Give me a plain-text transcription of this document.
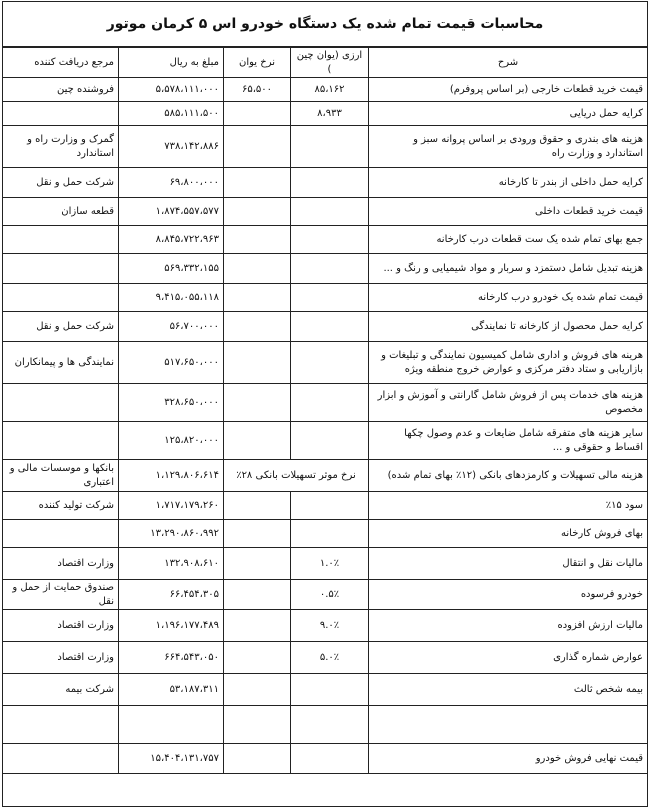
محاسبات قیمت تمام شده یک دستگاه خودرو اس ۵ کرمان موتور
شرح	ارزی (یوان چین )	نرخ یوان	مبلغ به ریال	مرجع دریافت کننده
قیمت خرید قطعات خارجی (بر اساس پروفرم)	۸۵،۱۶۲	۶۵،۵۰۰	۵،۵۷۸،۱۱۱،۰۰۰	فروشنده چین
کرایه حمل دریایی	۸،۹۳۳		۵۸۵،۱۱۱،۵۰۰	
هزینه های بندری و حقوق ورودی بر اساس پروانه سبز و استاندارد و وزارت راه			۷۳۸،۱۴۲،۸۸۶	گمرک و وزارت راه و استاندارد
کرایه حمل داخلی از بندر تا کارخانه			۶۹،۸۰۰،۰۰۰	شرکت حمل و نقل
قیمت خرید قطعات داخلی			۱،۸۷۴،۵۵۷،۵۷۷	قطعه سازان
جمع بهای تمام شده یک ست قطعات درب کارخانه			۸،۸۴۵،۷۲۲،۹۶۳	
هزینه تبدیل شامل دستمزد و سربار و مواد شیمیایی و رنگ و ...			۵۶۹،۳۳۲،۱۵۵	
قیمت تمام شده یک خودرو درب کارخانه			۹،۴۱۵،۰۵۵،۱۱۸	
کرایه حمل محصول از کارخانه تا نمایندگی			۵۶،۷۰۰،۰۰۰	شرکت حمل و نقل
هرینه های فروش و اداری شامل کمیسیون نمایندگی و تبلیغات و بازاریابی و ستاد دفتر مرکزی و عوارض خروج منطقه ویژه			۵۱۷،۶۵۰،۰۰۰	نمایندگی ها و پیمانکاران
هزینه های خدمات پس از فروش شامل گارانتی و آموزش و ابزار مخصوص			۳۲۸،۶۵۰،۰۰۰	
سایر هزینه های متفرقه شامل ضایعات و عدم وصول چکها اقساط و حقوقی و ...			۱۲۵،۸۲۰،۰۰۰	
هزینه مالی تسهیلات و کارمزدهای بانکی (۱۲٪ بهای تمام شده)	نرخ موثر تسهیلات بانکی ۲۸٪		۱،۱۲۹،۸۰۶،۶۱۴	بانکها و موسسات مالی و اعتباری
سود ۱۵٪			۱،۷۱۷،۱۷۹،۲۶۰	شرکت تولید کننده
بهای فروش کارخانه			۱۳،۲۹۰،۸۶۰،۹۹۲	
مالیات نقل و انتقال	۱.۰٪		۱۳۲،۹۰۸،۶۱۰	وزارت اقتصاد
خودرو فرسوده	۰.۵٪		۶۶،۴۵۴،۳۰۵	صندوق حمایت از حمل و نقل
مالیات ارزش افزوده	۹.۰٪		۱،۱۹۶،۱۷۷،۴۸۹	وزارت اقتصاد
عوارض شماره گذاری	۵.۰٪		۶۶۴،۵۴۳،۰۵۰	وزارت اقتصاد
بیمه شخص ثالث			۵۳،۱۸۷،۳۱۱	شرکت بیمه

قیمت نهایی فروش خودرو			۱۵،۴۰۴،۱۳۱،۷۵۷	
